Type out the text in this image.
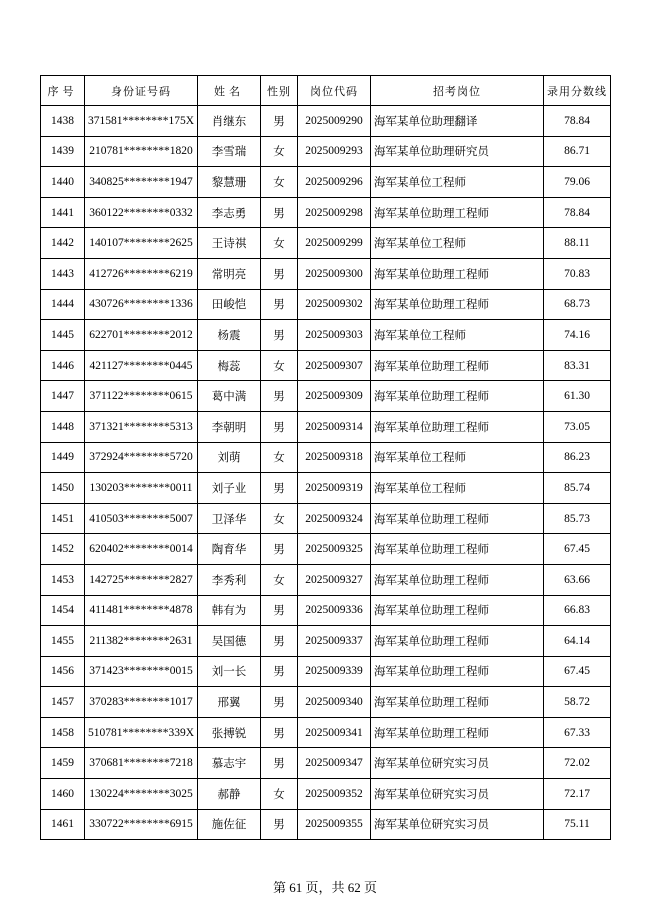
序号	身份证号码	姓名	性别	岗位代码	招考岗位	录用分数线
1438	371581********175X	肖继东	男	2025009290	海军某单位助理翻译	78.84
1439	210781********1820	李雪瑞	女	2025009293	海军某单位助理研究员	86.71
1440	340825********1947	黎慧珊	女	2025009296	海军某单位工程师	79.06
1441	360122********0332	李志勇	男	2025009298	海军某单位助理工程师	78.84
1442	140107********2625	王诗祺	女	2025009299	海军某单位工程师	88.11
1443	412726********6219	常明亮	男	2025009300	海军某单位助理工程师	70.83
1444	430726********1336	田峻恺	男	2025009302	海军某单位助理工程师	68.73
1445	622701********2012	杨震	男	2025009303	海军某单位工程师	74.16
1446	421127********0445	梅蕊	女	2025009307	海军某单位助理工程师	83.31
1447	371122********0615	葛中满	男	2025009309	海军某单位助理工程师	61.30
1448	371321********5313	李朝明	男	2025009314	海军某单位助理工程师	73.05
1449	372924********5720	刘萌	女	2025009318	海军某单位工程师	86.23
1450	130203********0011	刘子业	男	2025009319	海军某单位工程师	85.74
1451	410503********5007	卫泽华	女	2025009324	海军某单位助理工程师	85.73
1452	620402********0014	陶育华	男	2025009325	海军某单位助理工程师	67.45
1453	142725********2827	李秀利	女	2025009327	海军某单位助理工程师	63.66
1454	411481********4878	韩有为	男	2025009336	海军某单位助理工程师	66.83
1455	211382********2631	吴国德	男	2025009337	海军某单位助理工程师	64.14
1456	371423********0015	刘一长	男	2025009339	海军某单位助理工程师	67.45
1457	370283********1017	邢翼	男	2025009340	海军某单位助理工程师	58.72
1458	510781********339X	张搏锐	男	2025009341	海军某单位助理工程师	67.33
1459	370681********7218	慕志宇	男	2025009347	海军某单位研究实习员	72.02
1460	130224********3025	郝静	女	2025009352	海军某单位研究实习员	72.17
1461	330722********6915	施佐征	男	2025009355	海军某单位研究实习员	75.11
第 61 页，共 62 页
